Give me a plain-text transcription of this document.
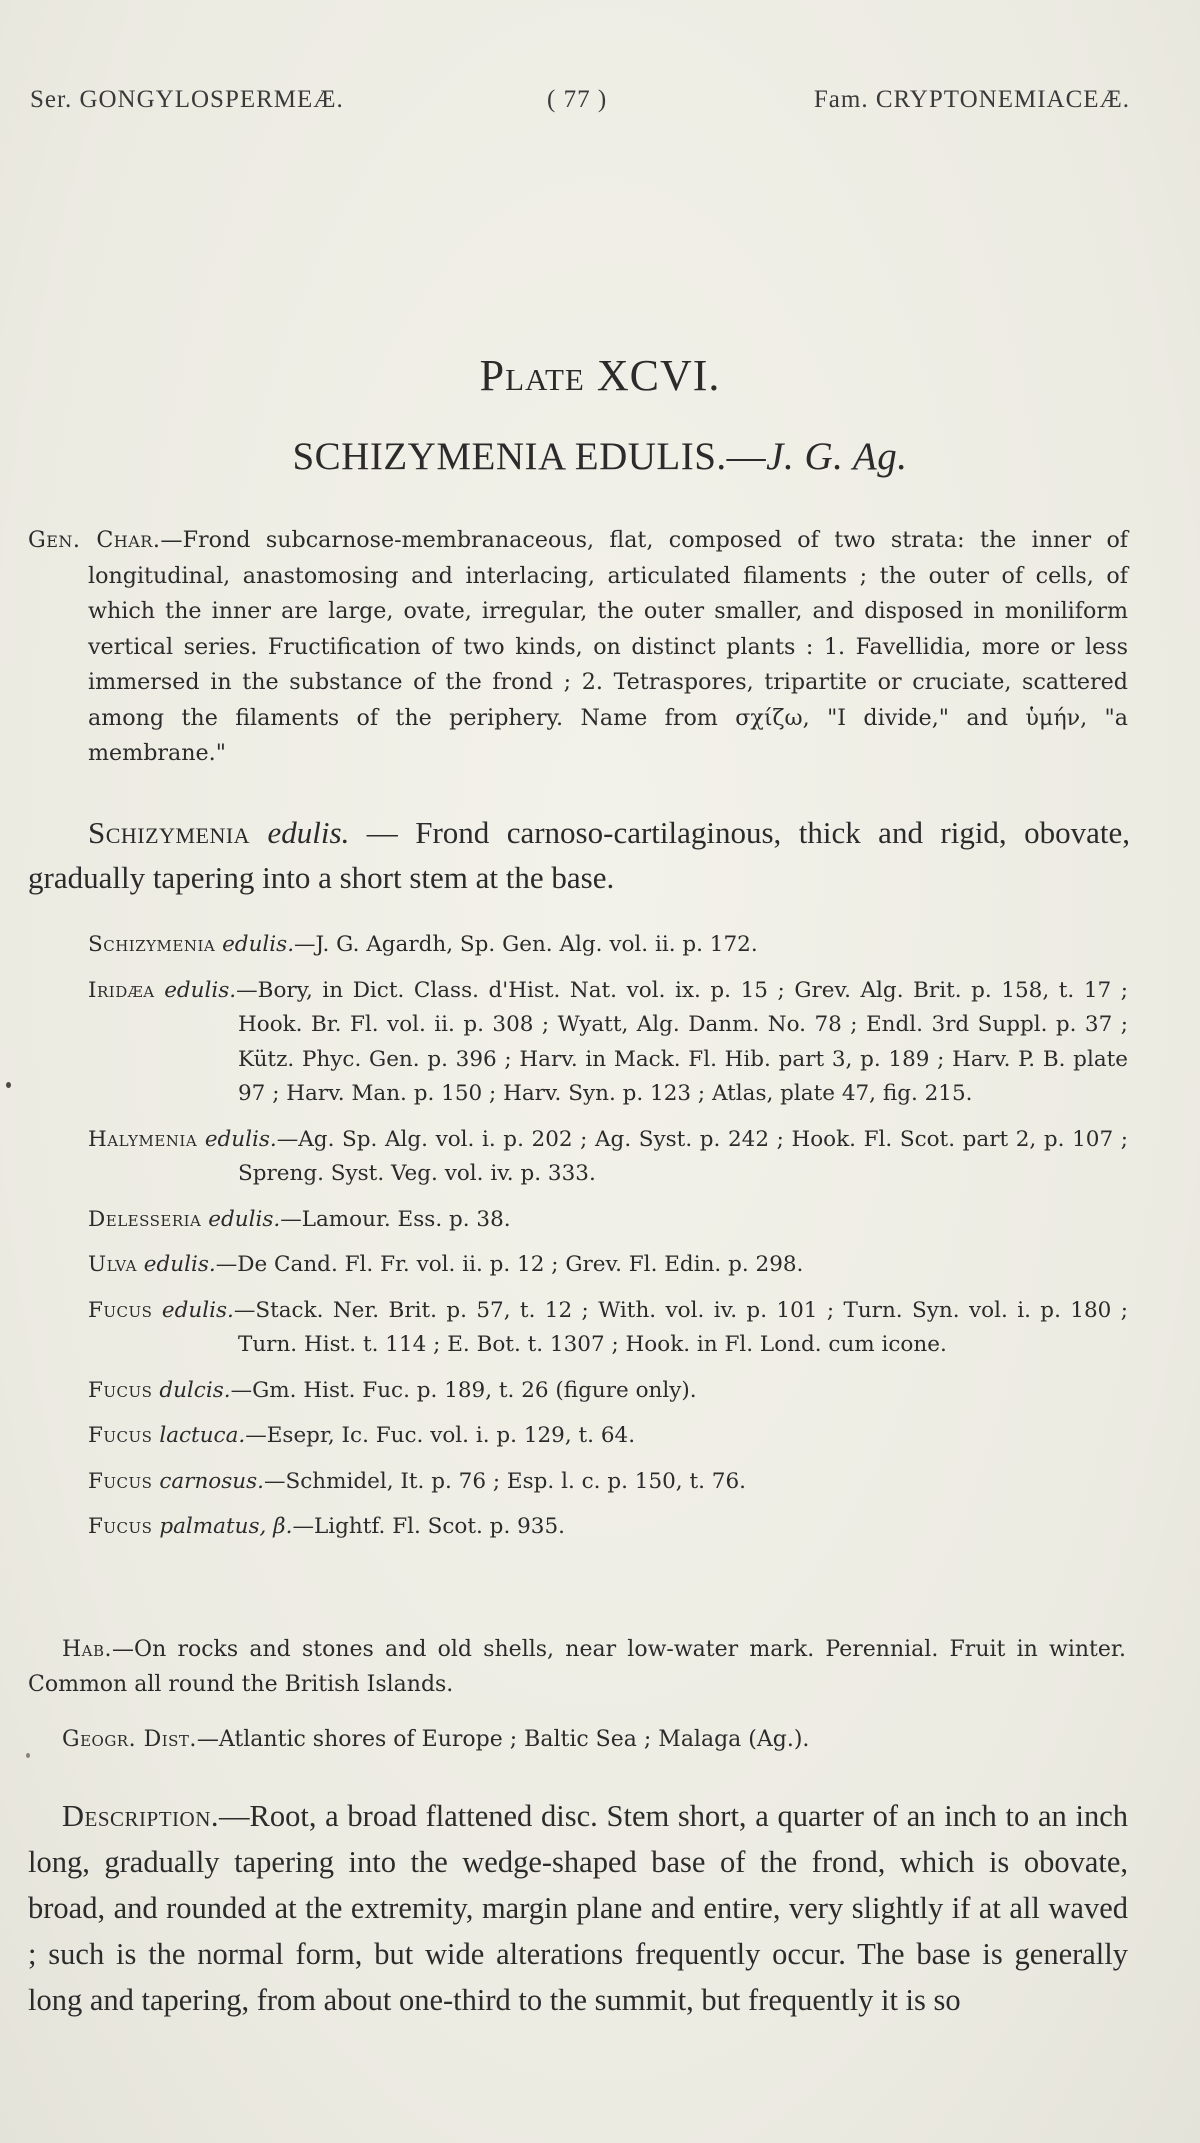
Ser. GONGYLOSPERMEÆ.	( 77 )	Fam. CRYPTONEMIACEÆ.
Plate XCVI.
SCHIZYMENIA EDULIS.—J. G. Ag.

Gen. Char.—Frond subcarnose-membranaceous, flat, composed of two strata: the inner of longitudinal, anastomosing and interlacing, articulated filaments ; the outer of cells, of which the inner are large, ovate, irregular, the outer smaller, and disposed in moniliform vertical series. Fructification of two kinds, on distinct plants : 1. Favellidia, more or less immersed in the substance of the frond ; 2. Tetraspores, tripartite or cruciate, scattered among the filaments of the periphery. Name from σχίζω, "I divide," and ὑμήν, "a membrane."

Schizymenia edulis. — Frond carnoso-cartilaginous, thick and rigid, obovate, gradually tapering into a short stem at the base.

Schizymenia edulis.—J. G. Agardh, Sp. Gen. Alg. vol. ii. p. 172.

Iridæa edulis.—Bory, in Dict. Class. d'Hist. Nat. vol. ix. p. 15 ; Grev. Alg. Brit. p. 158, t. 17 ; Hook. Br. Fl. vol. ii. p. 308 ; Wyatt, Alg. Danm. No. 78 ; Endl. 3rd Suppl. p. 37 ; Kütz. Phyc. Gen. p. 396 ; Harv. in Mack. Fl. Hib. part 3, p. 189 ; Harv. P. B. plate 97 ; Harv. Man. p. 150 ; Harv. Syn. p. 123 ; Atlas, plate 47, fig. 215.

Halymenia edulis.—Ag. Sp. Alg. vol. i. p. 202 ; Ag. Syst. p. 242 ; Hook. Fl. Scot. part 2, p. 107 ; Spreng. Syst. Veg. vol. iv. p. 333.

Delesseria edulis.—Lamour. Ess. p. 38.

Ulva edulis.—De Cand. Fl. Fr. vol. ii. p. 12 ; Grev. Fl. Edin. p. 298.

Fucus edulis.—Stack. Ner. Brit. p. 57, t. 12 ; With. vol. iv. p. 101 ; Turn. Syn. vol. i. p. 180 ; Turn. Hist. t. 114 ; E. Bot. t. 1307 ; Hook. in Fl. Lond. cum icone.

Fucus dulcis.—Gm. Hist. Fuc. p. 189, t. 26 (figure only).

Fucus lactuca.—Esepr, Ic. Fuc. vol. i. p. 129, t. 64.

Fucus carnosus.—Schmidel, It. p. 76 ; Esp. l. c. p. 150, t. 76.

Fucus palmatus, β.—Lightf. Fl. Scot. p. 935.

Hab.—On rocks and stones and old shells, near low-water mark. Perennial. Fruit in winter. Common all round the British Islands.

Geogr. Dist.—Atlantic shores of Europe ; Baltic Sea ; Malaga (Ag.).

Description.—Root, a broad flattened disc. Stem short, a quarter of an inch to an inch long, gradually tapering into the wedge-shaped base of the frond, which is obovate, broad, and rounded at the extremity, margin plane and entire, very slightly if at all waved ; such is the normal form, but wide alterations frequently occur. The base is generally long and tapering, from about one-third to the summit, but frequently it is so
